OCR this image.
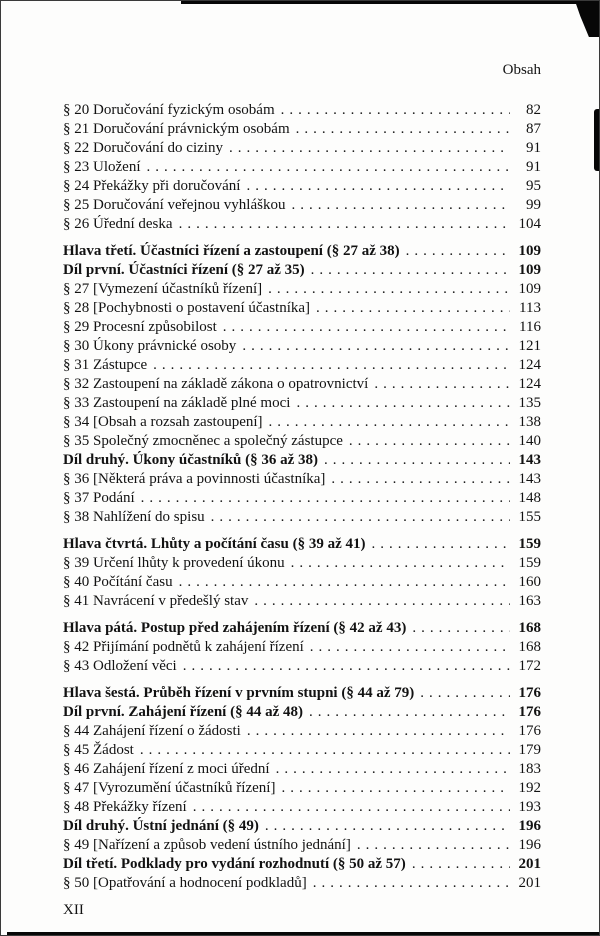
Obsah
§ 20 Doručování fyzickým osobám .....	82
§ 21 Doručování právnickým osobám .....	87
§ 22 Doručování do ciziny .....	91
§ 23 Uložení .....	91
§ 24 Překážky při doručování .....	95
§ 25 Doručování veřejnou vyhláškou .....	99
§ 26 Úřední deska .....	104
Hlava třetí. Účastníci řízení a zastoupení (§ 27 až 38) .....	109
Díl první. Účastníci řízení (§ 27 až 35) .....	109
§ 27 [Vymezení účastníků řízení] .....	109
§ 28 [Pochybnosti o postavení účastníka] .....	113
§ 29 Procesní způsobilost .....	116
§ 30 Úkony právnické osoby .....	121
§ 31 Zástupce .....	124
§ 32 Zastoupení na základě zákona o opatrovnictví .....	124
§ 33 Zastoupení na základě plné moci .....	135
§ 34 [Obsah a rozsah zastoupení] .....	138
§ 35 Společný zmocněnec a společný zástupce .....	140
Díl druhý. Úkony účastníků (§ 36 až 38) .....	143
§ 36 [Některá práva a povinnosti účastníka] .....	143
§ 37 Podání .....	148
§ 38 Nahlížení do spisu .....	155
Hlava čtvrtá. Lhůty a počítání času (§ 39 až 41) .....	159
§ 39 Určení lhůty k provedení úkonu .....	159
§ 40 Počítání času .....	160
§ 41 Navrácení v předešlý stav .....	163
Hlava pátá. Postup před zahájením řízení (§ 42 až 43) .....	168
§ 42 Přijímání podnětů k zahájení řízení .....	168
§ 43 Odložení věci .....	172
Hlava šestá. Průběh řízení v prvním stupni (§ 44 až 79) .....	176
Díl první. Zahájení řízení (§ 44 až 48) .....	176
§ 44 Zahájení řízení o žádosti .....	176
§ 45 Žádost .....	179
§ 46 Zahájení řízení z moci úřední .....	183
§ 47 [Vyrozumění účastníků řízení] .....	192
§ 48 Překážky řízení .....	193
Díl druhý. Ústní jednání (§ 49) .....	196
§ 49 [Nařízení a způsob vedení ústního jednání] .....	196
Díl třetí. Podklady pro vydání rozhodnutí (§ 50 až 57) .....	201
§ 50 [Opatřování a hodnocení podkladů] .....	201
XII
